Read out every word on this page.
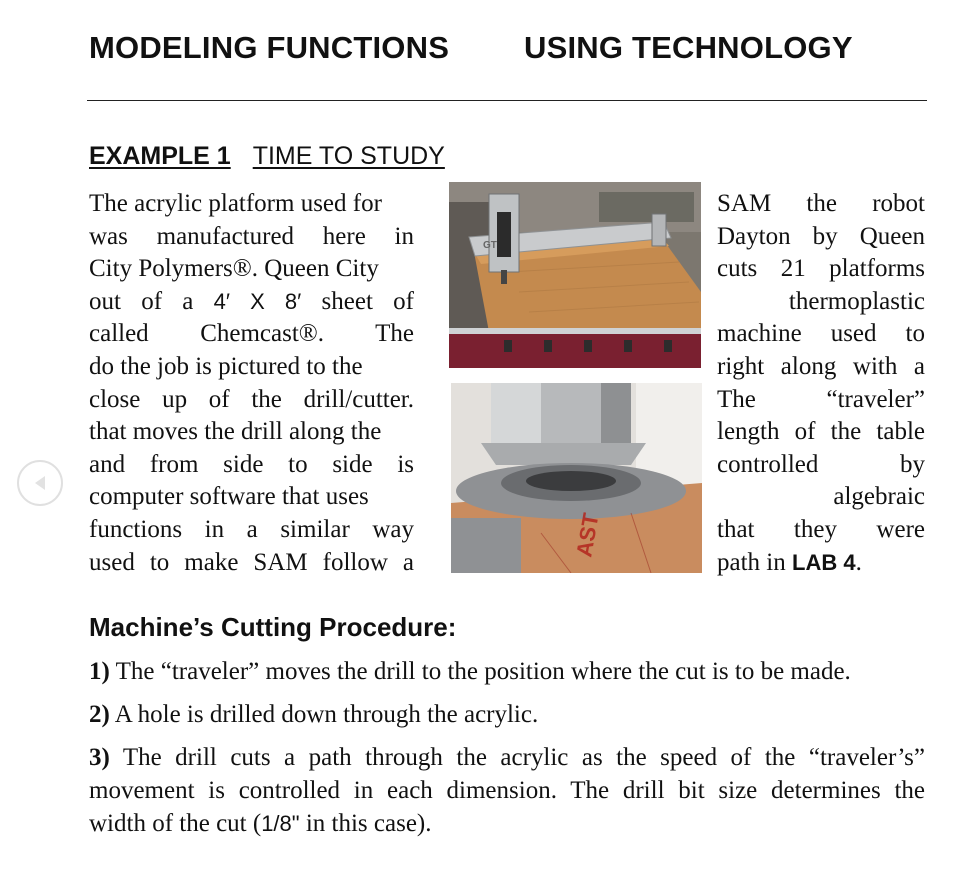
MODELING FUNCTIONS USING TECHNOLOGY
EXAMPLE 1 TIME TO STUDY
The acrylic platform used for
was manufactured here in
City Polymers®. Queen City
out of a 4′ X 8′ sheet of
called Chemcast®. The
do the job is pictured to the
close up of the drill/cutter.
that moves the drill along the
and from side to side is
computer software that uses
functions in a similar way
used to make SAM follow a
SAM the robot
Dayton by Queen
cuts 21 platforms
thermoplastic
machine used to
right along with a
The “traveler”
length of the table
controlled by
algebraic
that they were
path in LAB 4.
GT
AST
Machine’s Cutting Procedure:
1) The “traveler” moves the drill to the position where the cut is to be made.
2) A hole is drilled down through the acrylic.
3) The drill cuts a path through the acrylic as the speed of the “traveler’s”
movement is controlled in each dimension. The drill bit size determines the
width of the cut (1/8" in this case).
